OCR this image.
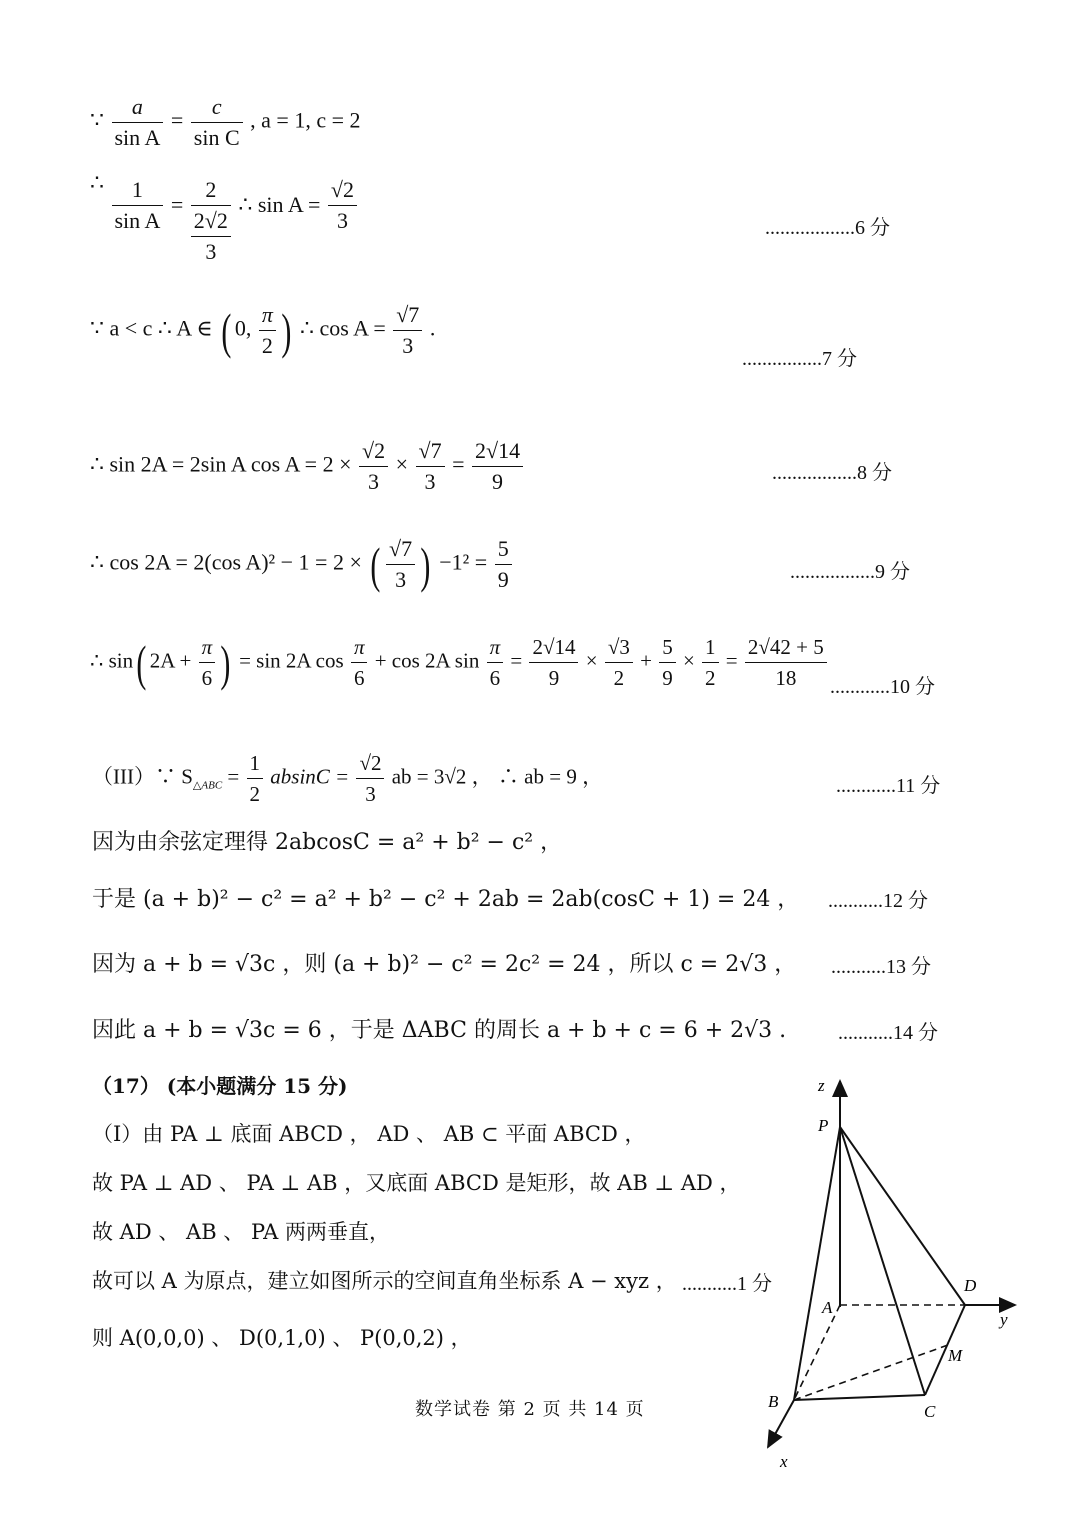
∵ $\frac{a}{\text{sin A}} = \frac{c}{\text{sin C}}$ , a = 1, c = 2
∴ $\frac{1}{\text{sin A}}$ =
2
2√2
3
∴ $\sin A = \frac{√2}{3}$	..................6 分
∵ a < c ∴ A ∈ ( 0, $\frac{\pi}{2}$ ) ∴ $\cos A = \frac{√7}{3}$ .
................7 分
∴ sin 2A = 2sin A $\cos A = 2 \times \frac{√2}{3} \times \frac{√7}{3} = \frac{2√14}{9}$	.................8 分
∴ cos 2A = 2(cos A)² − 1 = 2 × ( $\frac{√7}{3}$ ) $-1^2 = \frac{5}{9}$	.................9 分
∴ sin( $2A + \frac{\pi}{6}$ ) = sin 2A $\cos \frac{\pi}{6} + \cos 2A$ $\sin \frac{\pi}{6} = \frac{2√14}{9} \times \frac{√3}{2} + \frac{5}{9} \times \frac{1}{2} = \frac{2√42 + 5}{18} ............10$ 分
（III）∵ $S_{\triangle ABC} = \frac{1}{2}$ $absinC = \frac{√2}{3}$ ab = 3√2 ， ∴ ab = 9 ，	............11 分
因为由余弦定理得 2abcosC = a² + b² − c² ，
于是 (a + b)² − c² = a² + b² − c² + 2ab = 2ab(cosC + 1) = 24 ， ...........12 分
因为 a + b = √3c ，则 (a + b)² − c² = 2c² = 24 ，所以 c = 2√3 ， ...........13 分
因此 a + b = √3c = 6 ，于是 ΔABC 的周长 a + b + c = 6 + 2√3 .	...........14 分
（17） (本小题满分 15 分)
（I）由 PA ⊥ 底面 ABCD ， AD 、 AB ⊂ 平面 ABCD ，
故 PA ⊥ AD 、 PA ⊥ AB ，又底面 ABCD 是矩形，故 AB ⊥ AD ，
故 AD 、 AB 、 PA 两两垂直，
故可以 A 为原点，建立如图所示的空间直角坐标系 A − xyz ， ...........1 分
则 A(0,0,0) 、 D(0,1,0) 、 P(0,0,2) ，
数学试卷 第 2 页 共 14 页
z
P
A
D
y
M
B
C
x
